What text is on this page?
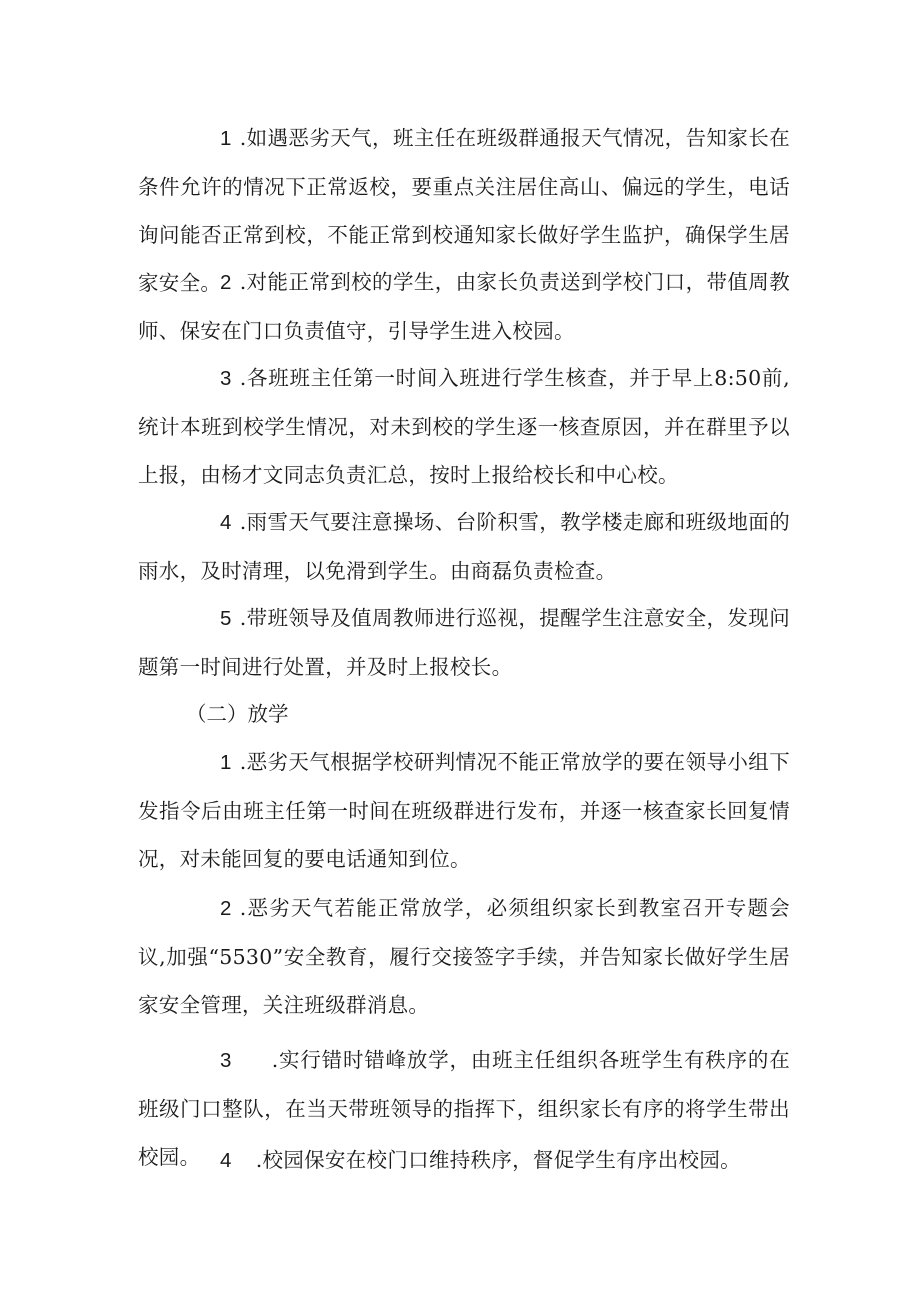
1 .如遇恶劣天气，班主任在班级群通报天气情况，告知家长在条件允许的情况下正常返校，要重点关注居住高山、偏远的学生，电话询问能否正常到校，不能正常到校通知家长做好学生监护，确保学生居家安全。

2 .对能正常到校的学生，由家长负责送到学校门口，带值周教师、保安在门口负责值守，引导学生进入校园。

3 .各班班主任第一时间入班进行学生核查，并于早上8:50前,统计本班到校学生情况，对未到校的学生逐一核查原因，并在群里予以上报，由杨才文同志负责汇总，按时上报给校长和中心校。

4 .雨雪天气要注意操场、台阶积雪，教学楼走廊和班级地面的雨水，及时清理，以免滑到学生。由商磊负责检查。

5 .带班领导及值周教师进行巡视，提醒学生注意安全，发现问题第一时间进行处置，并及时上报校长。

（二）放学

1 .恶劣天气根据学校研判情况不能正常放学的要在领导小组下发指令后由班主任第一时间在班级群进行发布，并逐一核查家长回复情况，对未能回复的要电话通知到位。

2 .恶劣天气若能正常放学，必须组织家长到教室召开专题会议,加强“5530”安全教育，履行交接签字手续，并告知家长做好学生居家安全管理，关注班级群消息。

3 .实行错时错峰放学，由班主任组织各班学生有秩序的在班级门口整队，在当天带班领导的指挥下，组织家长有序的将学生带出校园。 4 .校园保安在校门口维持秩序，督促学生有序出校园。
